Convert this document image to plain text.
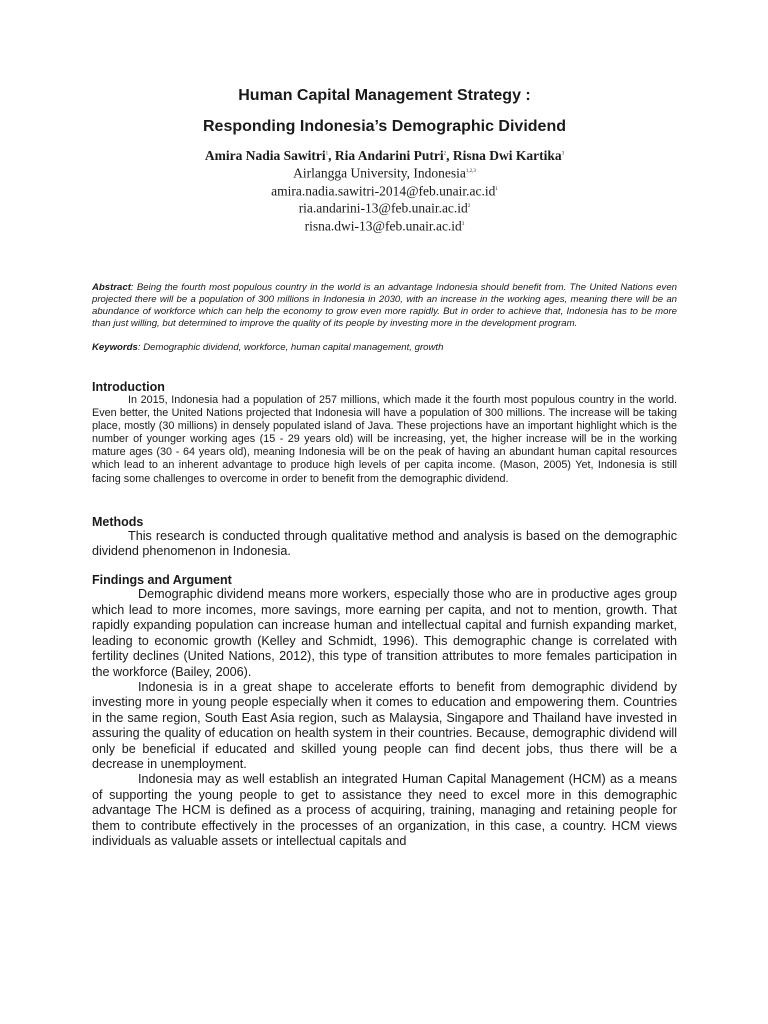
Human Capital Management Strategy :
Responding Indonesia’s Demographic Dividend
Amira Nadia Sawitri$^1$, Ria Andarini Putri$^2$, Risna Dwi Kartika$^3$
Airlangga University, Indonesia$^{1,2,3}$
$amira.nadia.sawitri-2014@feb.unair.ac.id^1$
$ria.andarini-13@feb.unair.ac.id^2$
$risna.dwi-13@feb.unair.ac.id^3$

Abstract: Being the fourth most populous country in the world is an advantage Indonesia should benefit from. The United Nations even projected there will be a population of 300 millions in Indonesia in 2030, with an increase in the working ages, meaning there will be an abundance of workforce which can help the economy to grow even more rapidly. But in order to achieve that, Indonesia has to be more than just willing, but determined to improve the quality of its people by investing more in the development program.

Keywords: Demographic dividend, workforce, human capital management, growth

Introduction

In 2015, Indonesia had a population of 257 millions, which made it the fourth most populous country in the world. Even better, the United Nations projected that Indonesia will have a population of 300 millions. The increase will be taking place, mostly (30 millions) in densely populated island of Java. These projections have an important highlight which is the number of younger working ages (15 - 29 years old) will be increasing, yet, the higher increase will be in the working mature ages (30 - 64 years old), meaning Indonesia will be on the peak of having an abundant human capital resources which lead to an inherent advantage to produce high levels of per capita income. (Mason, 2005) Yet, Indonesia is still facing some challenges to overcome in order to benefit from the demographic dividend.

Methods

This research is conducted through qualitative method and analysis is based on the demographic dividend phenomenon in Indonesia.

Findings and Argument

Demographic dividend means more workers, especially those who are in productive ages group which lead to more incomes, more savings, more earning per capita, and not to mention, growth. That rapidly expanding population can increase human and intellectual capital and furnish expanding market, leading to economic growth (Kelley and Schmidt, 1996). This demographic change is correlated with fertility declines (United Nations, 2012), this type of transition attributes to more females participation in the workforce (Bailey, 2006).

Indonesia is in a great shape to accelerate efforts to benefit from demographic dividend by investing more in young people especially when it comes to education and empowering them. Countries in the same region, South East Asia region, such as Malaysia, Singapore and Thailand have invested in assuring the quality of education on health system in their countries. Because, demographic dividend will only be beneficial if educated and skilled young people can find decent jobs, thus there will be a decrease in unemployment.

Indonesia may as well establish an integrated Human Capital Management (HCM) as a means of supporting the young people to get to assistance they need to excel more in this demographic advantage The HCM is defined as a process of acquiring, training, managing and retaining people for them to contribute effectively in the processes of an organization, in this case, a country. HCM views individuals as valuable assets or intellectual capitals and
